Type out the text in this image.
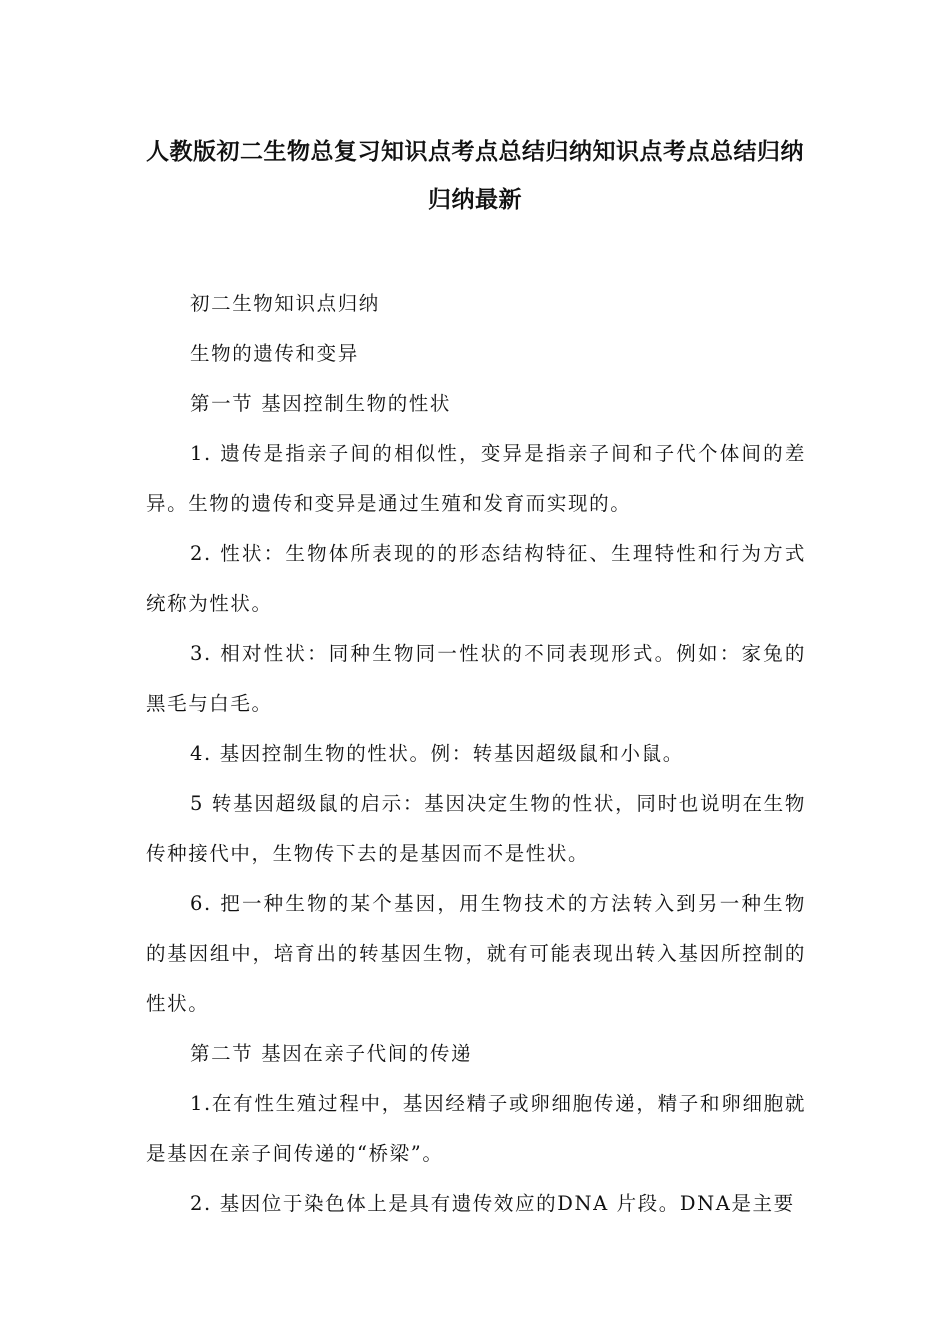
人教版初二生物总复习知识点考点总结归纳知识点考点总结归纳归纳最新

初二生物知识点归纳

生物的遗传和变异

第一节 基因控制生物的性状

1. 遗传是指亲子间的相似性，变异是指亲子间和子代个体间的差异。生物的遗传和变异是通过生殖和发育而实现的。

2. 性状：生物体所表现的的形态结构特征、生理特性和行为方式统称为性状。

3. 相对性状：同种生物同一性状的不同表现形式。例如：家兔的黑毛与白毛。

4. 基因控制生物的性状。例：转基因超级鼠和小鼠。

5 转基因超级鼠的启示：基因决定生物的性状，同时也说明在生物传种接代中，生物传下去的是基因而不是性状。

6. 把一种生物的某个基因，用生物技术的方法转入到另一种生物的基因组中，培育出的转基因生物，就有可能表现出转入基因所控制的性状。

第二节 基因在亲子代间的传递

1.在有性生殖过程中，基因经精子或卵细胞传递，精子和卵细胞就是基因在亲子间传递的“桥梁”。

2. 基因位于染色体上是具有遗传效应的DNA 片段。DNA是主要
